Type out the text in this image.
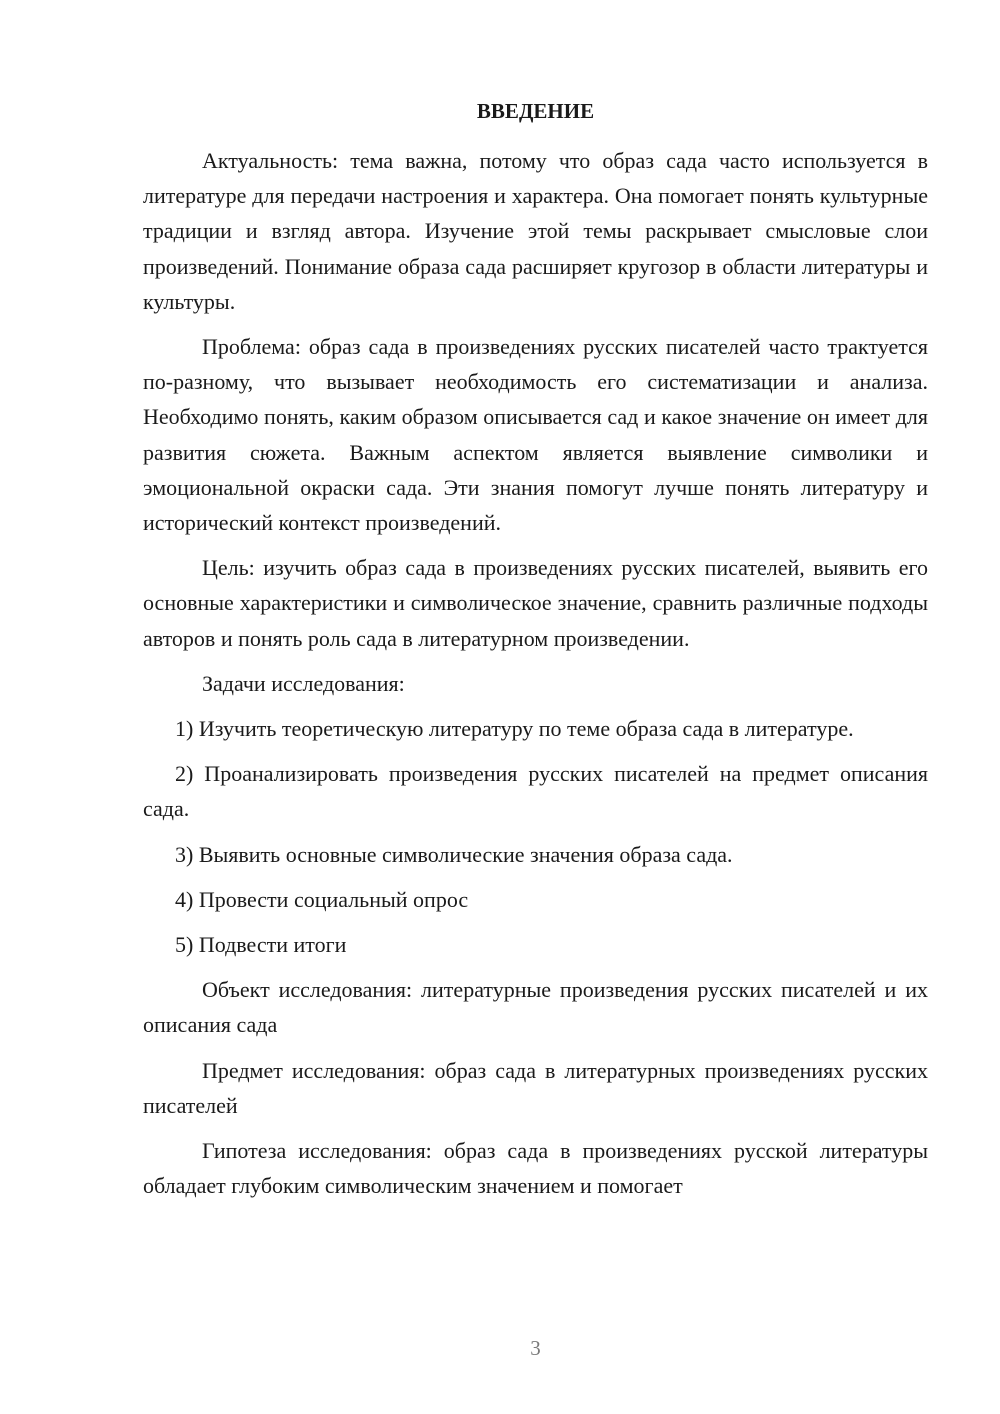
ВВЕДЕНИЕ

Актуальность: тема важна, потому что образ сада часто используется в литературе для передачи настроения и характера. Она помогает понять культурные традиции и взгляд автора. Изучение этой темы раскрывает смысловые слои произведений. Понимание образа сада расширяет кругозор в области литературы и культуры.

Проблема: образ сада в произведениях русских писателей часто трактуется по-разному, что вызывает необходимость его систематизации и анализа. Необходимо понять, каким образом описывается сад и какое значение он имеет для развития сюжета. Важным аспектом является выявление символики и эмоциональной окраски сада. Эти знания помогут лучше понять литературу и исторический контекст произведений.

Цель: изучить образ сада в произведениях русских писателей, выявить его основные характеристики и символическое значение, сравнить различные подходы авторов и понять роль сада в литературном произведении.

Задачи исследования:

1) Изучить теоретическую литературу по теме образа сада в литературе.

2) Проанализировать произведения русских писателей на предмет описания сада.

3) Выявить основные символические значения образа сада.

4) Провести социальный опрос

5) Подвести итоги

Объект исследования: литературные произведения русских писателей и их описания сада

Предмет исследования: образ сада в литературных произведениях русских писателей

Гипотеза исследования: образ сада в произведениях русской литературы обладает глубоким символическим значением и помогает

3
